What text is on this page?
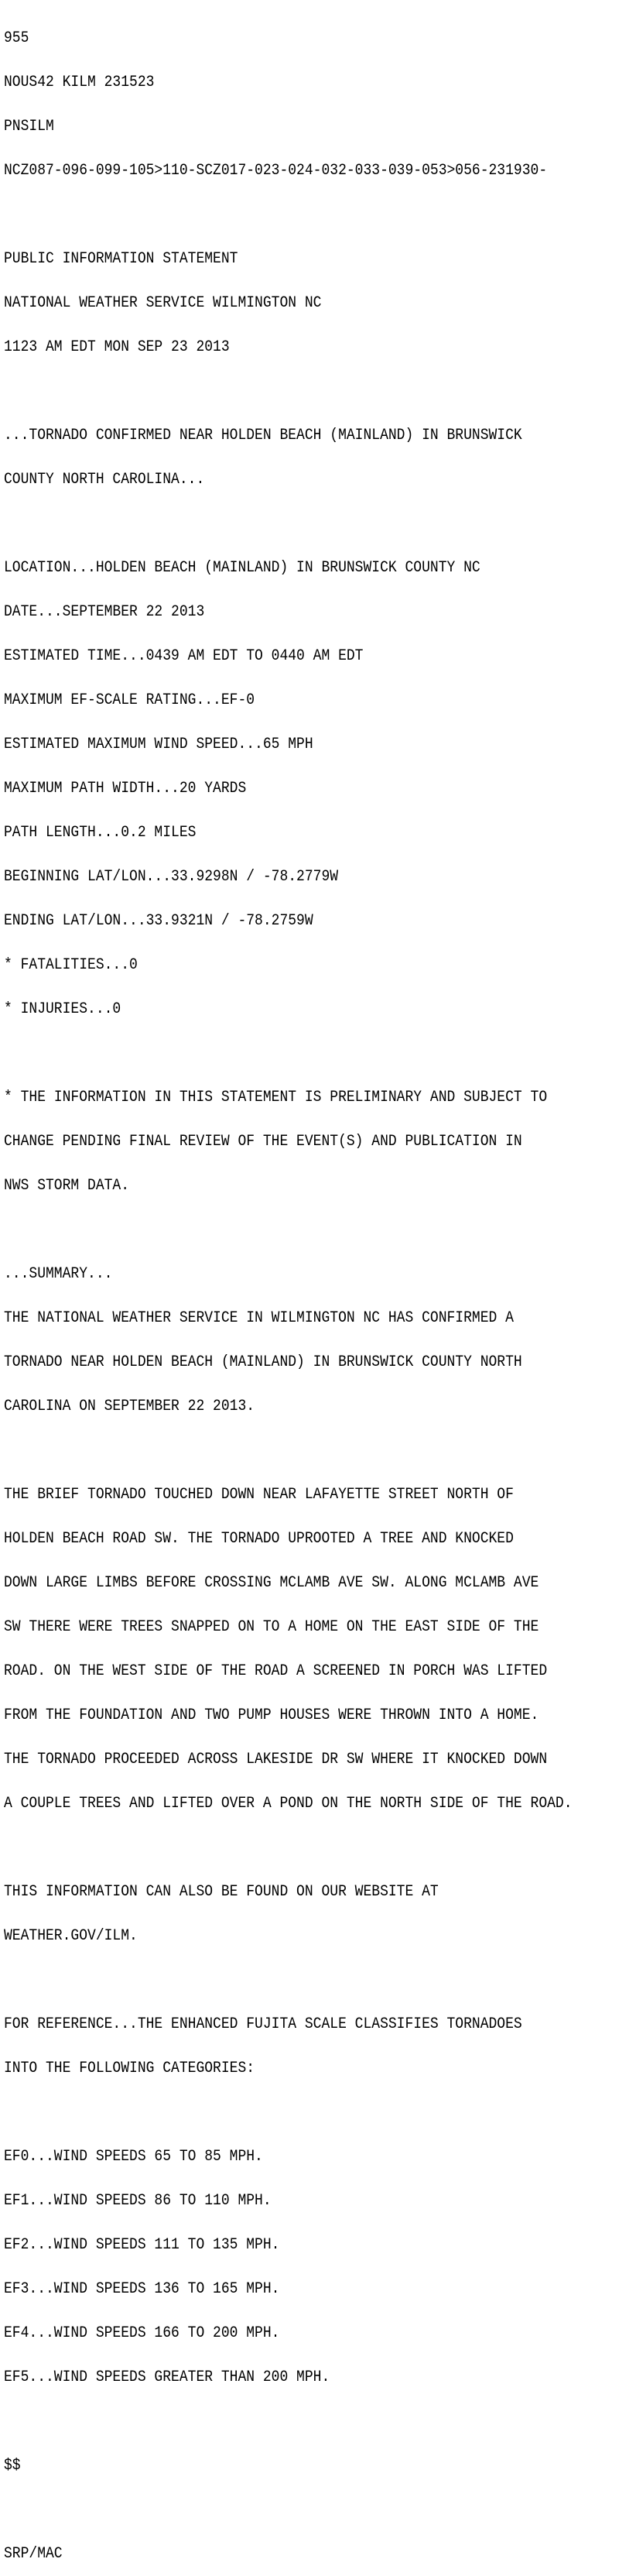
955

NOUS42 KILM 231523

PNSILM

NCZ087-096-099-105>110-SCZ017-023-024-032-033-039-053>056-231930-

PUBLIC INFORMATION STATEMENT

NATIONAL WEATHER SERVICE WILMINGTON NC

1123 AM EDT MON SEP 23 2013

...TORNADO CONFIRMED NEAR HOLDEN BEACH (MAINLAND) IN BRUNSWICK

COUNTY NORTH CAROLINA...

LOCATION...HOLDEN BEACH (MAINLAND) IN BRUNSWICK COUNTY NC

DATE...SEPTEMBER 22 2013

ESTIMATED TIME...0439 AM EDT TO 0440 AM EDT

MAXIMUM EF-SCALE RATING...EF-0

ESTIMATED MAXIMUM WIND SPEED...65 MPH

MAXIMUM PATH WIDTH...20 YARDS

PATH LENGTH...0.2 MILES

BEGINNING LAT/LON...33.9298N / -78.2779W

ENDING LAT/LON...33.9321N / -78.2759W

* FATALITIES...0

* INJURIES...0

* THE INFORMATION IN THIS STATEMENT IS PRELIMINARY AND SUBJECT TO

CHANGE PENDING FINAL REVIEW OF THE EVENT(S) AND PUBLICATION IN

NWS STORM DATA.

...SUMMARY...

THE NATIONAL WEATHER SERVICE IN WILMINGTON NC HAS CONFIRMED A

TORNADO NEAR HOLDEN BEACH (MAINLAND) IN BRUNSWICK COUNTY NORTH

CAROLINA ON SEPTEMBER 22 2013.

THE BRIEF TORNADO TOUCHED DOWN NEAR LAFAYETTE STREET NORTH OF

HOLDEN BEACH ROAD SW. THE TORNADO UPROOTED A TREE AND KNOCKED

DOWN LARGE LIMBS BEFORE CROSSING MCLAMB AVE SW. ALONG MCLAMB AVE

SW THERE WERE TREES SNAPPED ON TO A HOME ON THE EAST SIDE OF THE

ROAD. ON THE WEST SIDE OF THE ROAD A SCREENED IN PORCH WAS LIFTED

FROM THE FOUNDATION AND TWO PUMP HOUSES WERE THROWN INTO A HOME.

THE TORNADO PROCEEDED ACROSS LAKESIDE DR SW WHERE IT KNOCKED DOWN

A COUPLE TREES AND LIFTED OVER A POND ON THE NORTH SIDE OF THE ROAD.

THIS INFORMATION CAN ALSO BE FOUND ON OUR WEBSITE AT

WEATHER.GOV/ILM.

FOR REFERENCE...THE ENHANCED FUJITA SCALE CLASSIFIES TORNADOES

INTO THE FOLLOWING CATEGORIES:

EF0...WIND SPEEDS 65 TO 85 MPH.

EF1...WIND SPEEDS 86 TO 110 MPH.

EF2...WIND SPEEDS 111 TO 135 MPH.

EF3...WIND SPEEDS 136 TO 165 MPH.

EF4...WIND SPEEDS 166 TO 200 MPH.

EF5...WIND SPEEDS GREATER THAN 200 MPH.

$$

SRP/MAC
